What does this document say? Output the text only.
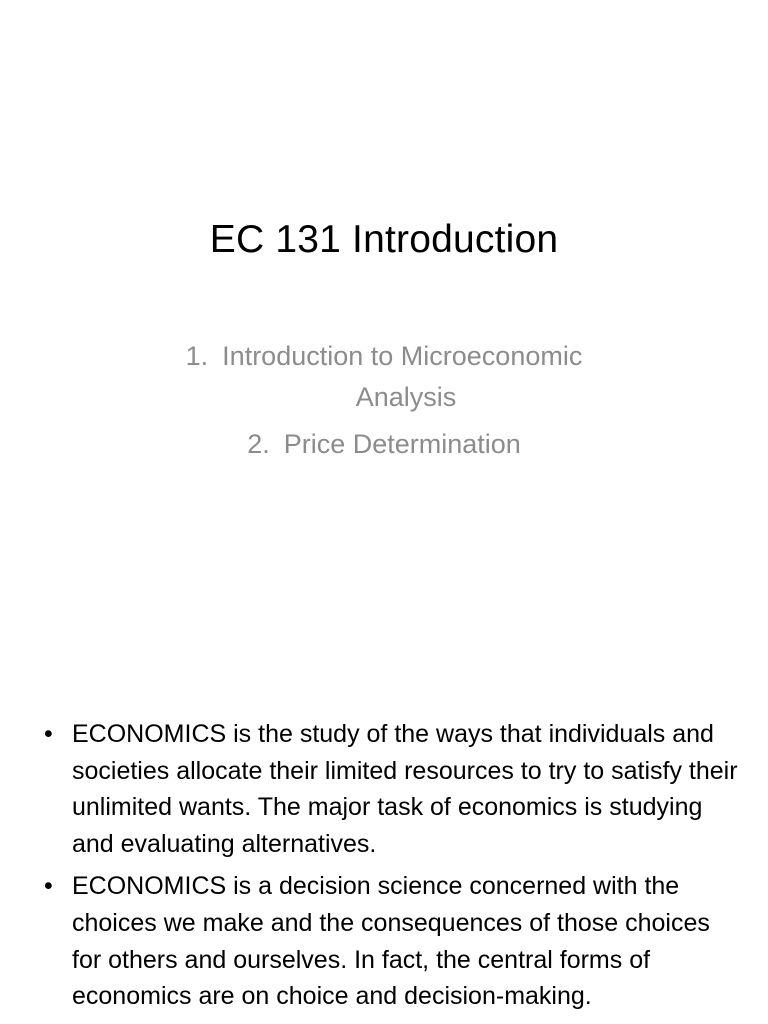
EC 131 Introduction
1. Introduction to Microeconomic
Analysis
2. Price Determination
• ECONOMICS is the study of the ways that individuals and societies allocate their limited resources to try to satisfy their unlimited wants. The major task of economics is studying and evaluating alternatives.
• ECONOMICS is a decision science concerned with the choices we make and the consequences of those choices for others and ourselves. In fact, the central forms of economics are on choice and decision-making.
